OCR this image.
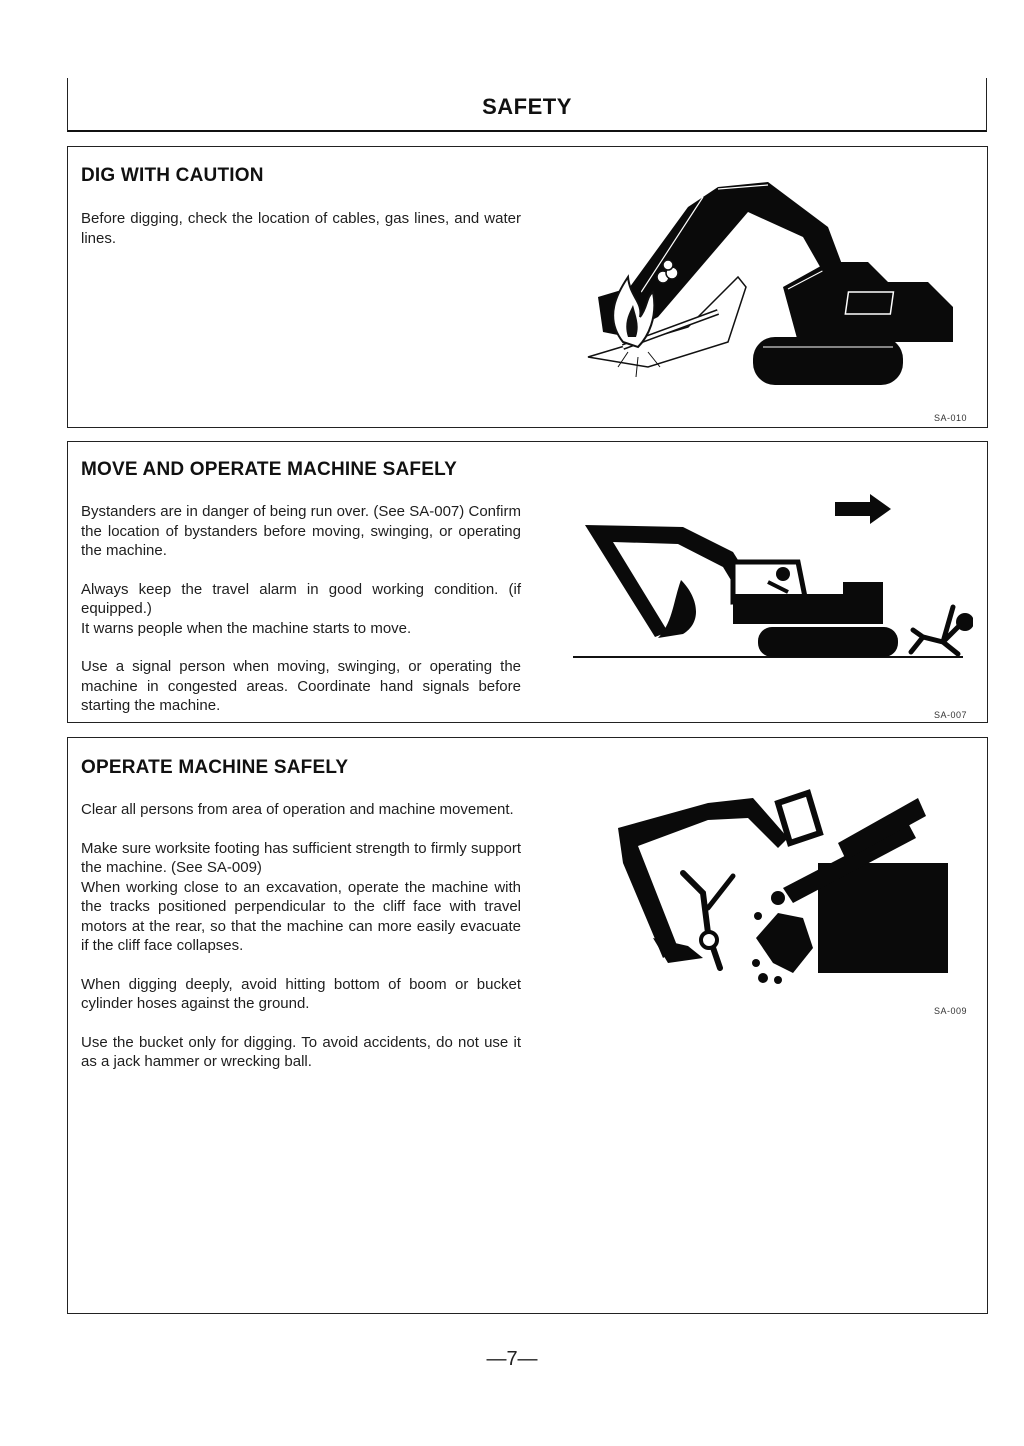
SAFETY
DIG WITH CAUTION

Before digging, check the location of cables, gas lines, and water lines.

SA-010
MOVE AND OPERATE MACHINE SAFELY

Bystanders are in danger of being run over. (See SA-007) Confirm the location of bystanders before moving, swinging, or operating the machine.

Always keep the travel alarm in good working condition. (if equipped.)

It warns people when the machine starts to move.

Use a signal person when moving, swinging, or operating the machine in congested areas. Coordinate hand signals before starting the machine.

SA-007
OPERATE MACHINE SAFELY

Clear all persons from area of operation and machine movement.

Make sure worksite footing has sufficient strength to firmly support the machine. (See SA-009)

When working close to an excavation, operate the machine with the tracks positioned perpendicular to the cliff face with travel motors at the rear, so that the machine can more easily evacuate if the cliff face collapses.

When digging deeply, avoid hitting bottom of boom or bucket cylinder hoses against the ground.

Use the bucket only for digging. To avoid accidents, do not use it as a jack hammer or wrecking ball.

SA-009
—7—
